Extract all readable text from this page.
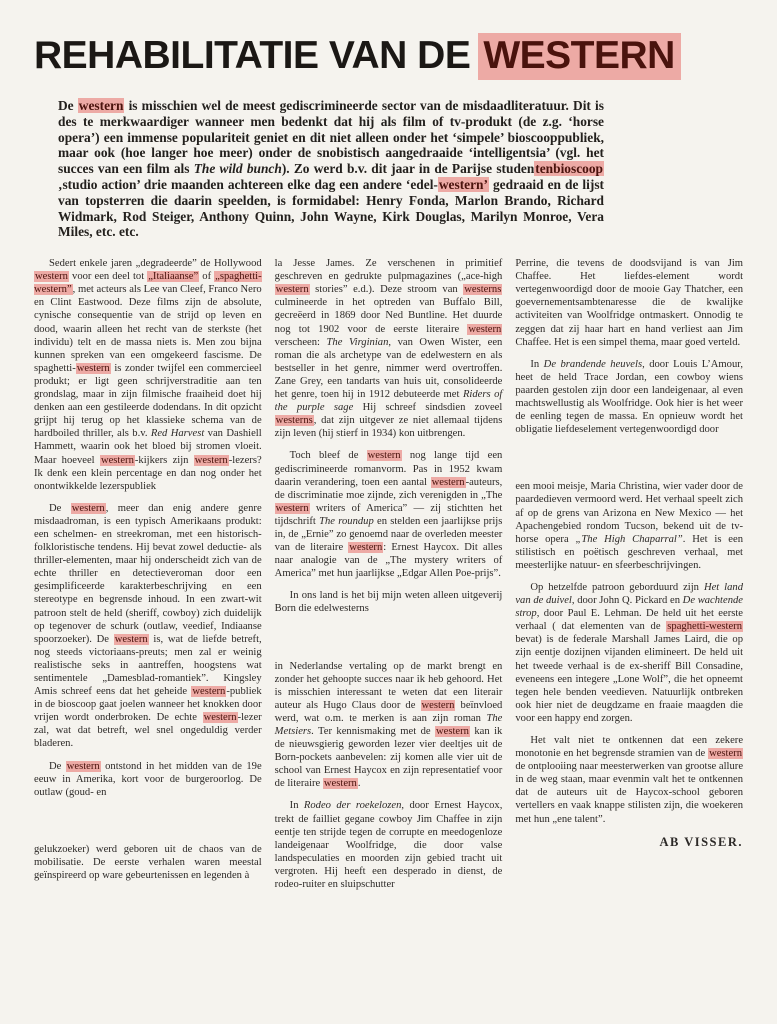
REHABILITATIE VAN DE WESTERN

De western is misschien wel de meest gediscrimineerde sector van de misdaadliteratuur. Dit is des te merkwaardiger wanneer men bedenkt dat hij als film of tv-produkt (de z.g. ‘horse opera’) een immense populariteit geniet en dit niet alleen onder het ‘simpele’ bioscooppubliek, maar ook (hoe langer hoe meer) onder de snobistisch aangedraaide ‘intelligentsia’ (vgl. het succes van een film als The wild bunch). Zo werd b.v. dit jaar in de Parijse studentenbioscoop ‚studio action’ drie maanden achtereen elke dag een andere ‘edel-western’ gedraaid en de lijst van topsterren die daarin speelden, is formidabel: Henry Fonda, Marlon Brando, Richard Widmark, Rod Steiger, Anthony Quinn, John Wayne, Kirk Douglas, Marilyn Monroe, Vera Miles, etc. etc.

Sedert enkele jaren „degradeerde” de Hollywood western voor een deel tot „Italiaanse” of „spaghetti-western”, met acteurs als Lee van Cleef, Franco Nero en Clint Eastwood. Deze films zijn de absolute, cynische consequentie van de strijd op leven en dood, waarin alleen het recht van de sterkste (het individu) telt en de massa niets is. Men zou bijna kunnen spreken van een omgekeerd fascisme. De spaghetti-western is zonder twijfel een commercieel produkt; er ligt geen schrijverstraditie aan ten grondslag, maar in zijn filmische fraaiheid doet hij denken aan een gestileerde dodendans. In dit opzicht grijpt hij terug op het klassieke schema van de hardboiled thriller, als b.v. Red Harvest van Dashiell Hammett, waarin ook het bloed bij stromen vloeit. Maar hoeveel western-kijkers zijn western-lezers? Ik denk een klein percentage en dan nog onder het onontwikkelde lezerspubliek

De western, meer dan enig andere genre misdaadroman, is een typisch Amerikaans produkt: een schelmen- en streekroman, met een historisch-folkloristische tendens. Hij bevat zowel deductie- als thriller-elementen, maar hij onderscheidt zich van de echte thriller en detectieveroman door een gesimplificeerde karakterbeschrijving en een stereotype en begrensde inhoud. In een zwart-wit patroon stelt de held (sheriff, cowboy) zich duidelijk op tegenover de schurk (outlaw, veedief, Indiaanse spoorzoeker). De western is, wat de liefde betreft, nog steeds victoriaans-preuts; men zal er weinig realistische seks in aantreffen, hoogstens wat sentimentele „Damesblad-romantiek”. Kingsley Amis schreef eens dat het geheide western-publiek in de bioscoop gaat joelen wanneer het knokken door vrijen wordt onderbroken. De echte western-lezer zal, wat dat betreft, wel snel ongeduldig verder bladeren.

De western ontstond in het midden van de 19e eeuw in Amerika, kort voor de burgeroorlog. De outlaw (goud- en

gelukzoeker) werd geboren uit de chaos van de mobilisatie. De eerste verhalen waren meestal geïnspireerd op ware gebeurtenissen en legenden à

la Jesse James. Ze verschenen in primitief geschreven en gedrukte pulpmagazines („ace-high western stories” e.d.). Deze stroom van westerns culmineerde in het optreden van Buffalo Bill, gecreëerd in 1869 door Ned Buntline. Het duurde nog tot 1902 voor de eerste literaire western verscheen: The Virginian, van Owen Wister, een roman die als archetype van de edelwestern en als bestseller in het genre, nimmer werd overtroffen. Zane Grey, een tandarts van huis uit, consolideerde het genre, toen hij in 1912 debuteerde met Riders of the purple sage Hij schreef sindsdien zoveel westerns, dat zijn uitgever ze niet allemaal tijdens zijn leven (hij stierf in 1934) kon uitbrengen.

Toch bleef de western nog lange tijd een gediscrimineerde romanvorm. Pas in 1952 kwam daarin verandering, toen een aantal western-auteurs, de discriminatie moe zijnde, zich verenigden in „The western writers of America” — zij stichtten het tijdschrift The roundup en stelden een jaarlijkse prijs in, de „Ernie” zo genoemd naar de overleden meester van de literaire western: Ernest Haycox. Dit alles naar analogie van de „The mystery writers of America” met hun jaarlijkse „Edgar Allen Poe-prijs”.

In ons land is het bij mijn weten alleen uitgeverij Born die edelwesterns

in Nederlandse vertaling op de markt brengt en zonder het gehoopte succes naar ik heb gehoord. Het is misschien interessant te weten dat een literair auteur als Hugo Claus door de western beïnvloed werd, wat o.m. te merken is aan zijn roman The Metsiers. Ter kennismaking met de western kan ik de nieuwsgierig geworden lezer vier deeltjes uit de Born-pockets aanbevelen: zij komen alle vier uit de school van Ernest Haycox en zijn representatief voor de literaire western.

In Rodeo der roekelozen, door Ernest Haycox, trekt de failliet gegane cowboy Jim Chaffee in zijn eentje ten strijde tegen de corrupte en meedogenloze landeigenaar Woolfridge, die door valse landspeculaties en moorden zijn gebied tracht uit vergroten. Hij heeft een desperado in dienst, de rodeo-ruiter en sluipschutter

Perrine, die tevens de doodsvijand is van Jim Chaffee. Het liefdes-element wordt vertegenwoordigd door de mooie Gay Thatcher, een goevernementsambtenaresse die de kwalijke activiteiten van Woolfridge ontmaskert. Onnodig te zeggen dat zij haar hart en hand verliest aan Jim Chaffee. Het is een simpel thema, maar goed verteld.

In De brandende heuvels, door Louis L’Amour, heet de held Trace Jordan, een cowboy wiens paarden gestolen zijn door een landeigenaar, al even machtswellustig als Woolfridge. Ook hier is het weer de eenling tegen de massa. En opnieuw wordt het obligatie liefdeselement vertegenwoordigd door

een mooi meisje, Maria Christina, wier vader door de paardedieven vermoord werd. Het verhaal speelt zich af op de grens van Arizona en New Mexico — het Apachengebied rondom Tucson, bekend uit de tv-horse opera „The High Chaparral”. Het is een stilistisch en poëtisch geschreven verhaal, met meesterlijke natuur- en sfeerbeschrijvingen.

Op hetzelfde patroon geborduurd zijn Het land van de duivel, door John Q. Pickard en De wachtende strop, door Paul E. Lehman. De held uit het eerste verhaal ( dat elementen van de spaghetti-western bevat) is de federale Marshall James Laird, die op zijn eentje dozijnen vijanden elimineert. De held uit het tweede verhaal is de ex-sheriff Bill Consadine, eveneens een integere „Lone Wolf”, die het opneemt tegen hele benden veedieven. Natuurlijk ontbreken ook hier niet de deugdzame en fraaie maagden die voor een happy end zorgen.

Het valt niet te ontkennen dat een zekere monotonie en het begrensde stramien van de western de ontplooiing naar meesterwerken van grootse allure in de weg staan, maar evenmin valt het te ontkennen dat de auteurs uit de Haycox-school geboren vertellers en vaak knappe stilisten zijn, die woekeren met hun „ene talent”.

AB VISSER.
